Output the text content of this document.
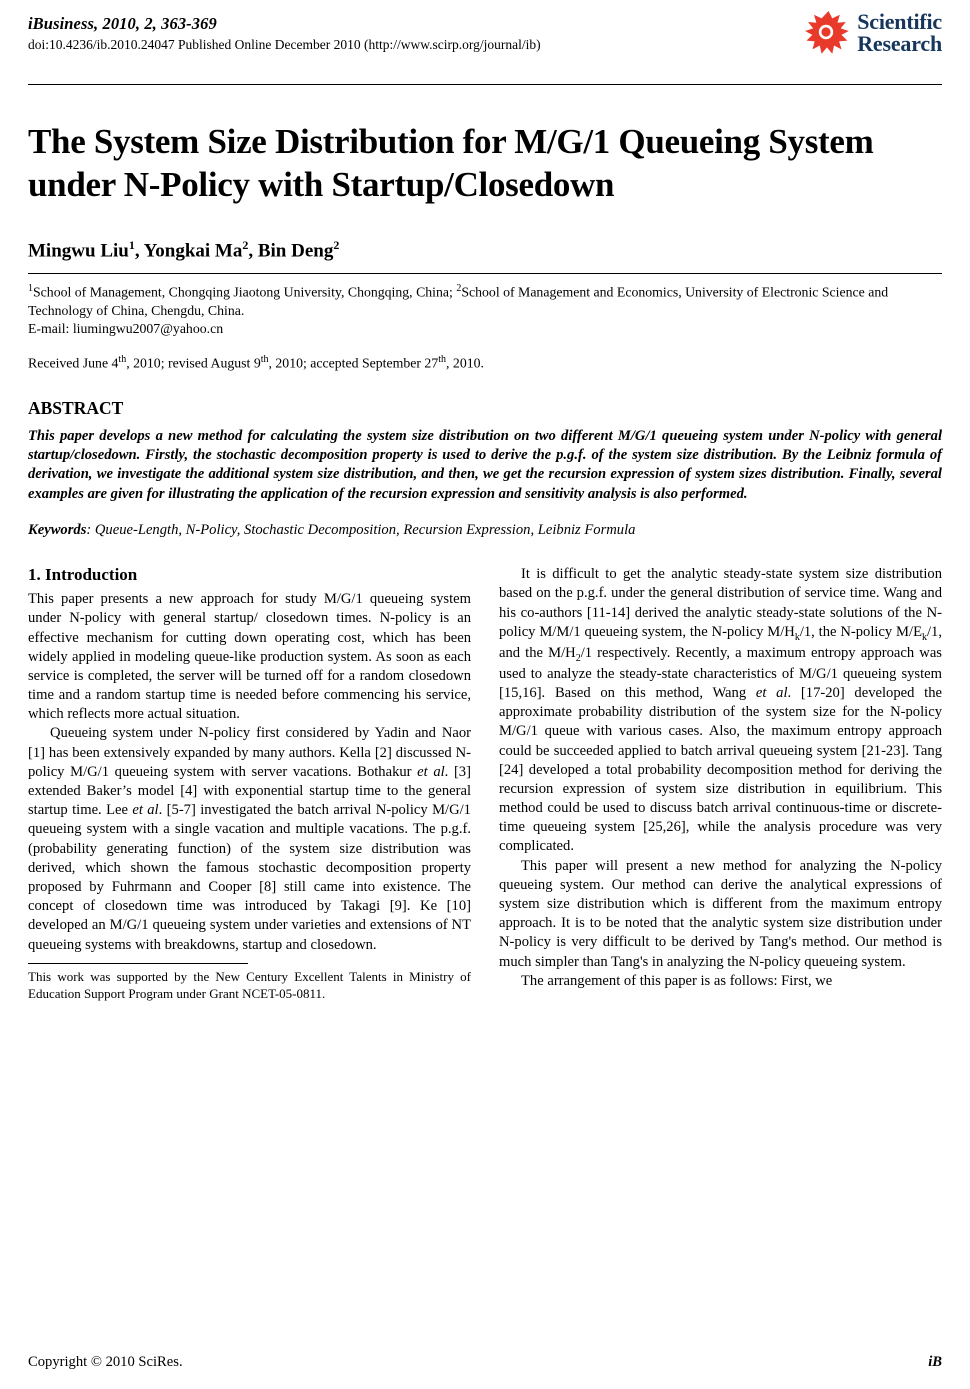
iBusiness, 2010, 2, 363-369
doi:10.4236/ib.2010.24047 Published Online December 2010 (http://www.scirp.org/journal/ib)
Scientific
Research
The System Size Distribution for M/G/1 Queueing System under N-Policy with Startup/Closedown
Mingwu Liu$^1$, Yongkai Ma$^2$, Bin Deng$^2$
$^1$School of Management, Chongqing Jiaotong University, Chongqing, China; $^2$School of Management and Economics, University of Electronic Science and Technology of China, Chengdu, China.
E-mail: liumingwu2007@yahoo.cn
Received June 4th, 2010; revised August 9th, 2010; accepted September 27th, 2010.
ABSTRACT
This paper develops a new method for calculating the system size distribution on two different M/G/1 queueing system under N-policy with general startup/closedown. Firstly, the stochastic decomposition property is used to derive the p.g.f. of the system size distribution. By the Leibniz formula of derivation, we investigate the additional system size distribution, and then, we get the recursion expression of system sizes distribution. Finally, several examples are given for illustrating the application of the recursion expression and sensitivity analysis is also performed.
Keywords: Queue-Length, N-Policy, Stochastic Decomposition, Recursion Expression, Leibniz Formula
1. Introduction

This paper presents a new approach for study M/G/1 queueing system under N-policy with general startup/ closedown times. N-policy is an effective mechanism for cutting down operating cost, which has been widely applied in modeling queue-like production system. As soon as each service is completed, the server will be turned off for a random closedown time and a random startup time is needed before commencing his service, which reflects more actual situation.

Queueing system under N-policy first considered by Yadin and Naor [1] has been extensively expanded by many authors. Kella [2] discussed N-policy M/G/1 queueing system with server vacations. Bothakur et al. [3] extended Baker’s model [4] with exponential startup time to the general startup time. Lee et al. [5-7] investigated the batch arrival N-policy M/G/1 queueing system with a single vacation and multiple vacations. The p.g.f. (probability generating function) of the system size distribution was derived, which shown the famous stochastic decomposition property proposed by Fuhrmann and Cooper [8] still came into existence. The concept of closedown time was introduced by Takagi [9]. Ke [10] developed an M/G/1 queueing system under varieties and extensions of NT queueing systems with breakdowns, startup and closedown.

This work was supported by the New Century Excellent Talents in Ministry of Education Support Program under Grant NCET-05-0811.

It is difficult to get the analytic steady-state system size distribution based on the p.g.f. under the general distribution of service time. Wang and his co-authors [11-14] derived the analytic steady-state solutions of the N-policy M/M/1 queueing system, the N-policy $M/H_k/1$, the N-policy $M/E_k/1$, and the $M/H_2/1$ respectively. Recently, a maximum entropy approach was used to analyze the steady-state characteristics of M/G/1 queueing system [15,16]. Based on this method, Wang et al. [17-20] developed the approximate probability distribution of the system size for the N-policy M/G/1 queue with various cases. Also, the maximum entropy approach could be succeeded applied to batch arrival queueing system [21-23]. Tang [24] developed a total probability decomposition method for deriving the recursion expression of system size distribution in equilibrium. This method could be used to discuss batch arrival continuous-time or discrete-time queueing system [25,26], while the analysis procedure was very complicated.

This paper will present a new method for analyzing the N-policy queueing system. Our method can derive the analytical expressions of system size distribution which is different from the maximum entropy approach. It is to be noted that the analytic system size distribution under N-policy is very difficult to be derived by Tang's method. Our method is much simpler than Tang's in analyzing the N-policy queueing system.

The arrangement of this paper is as follows: First, we

Copyright © 2010 SciRes.	iB
